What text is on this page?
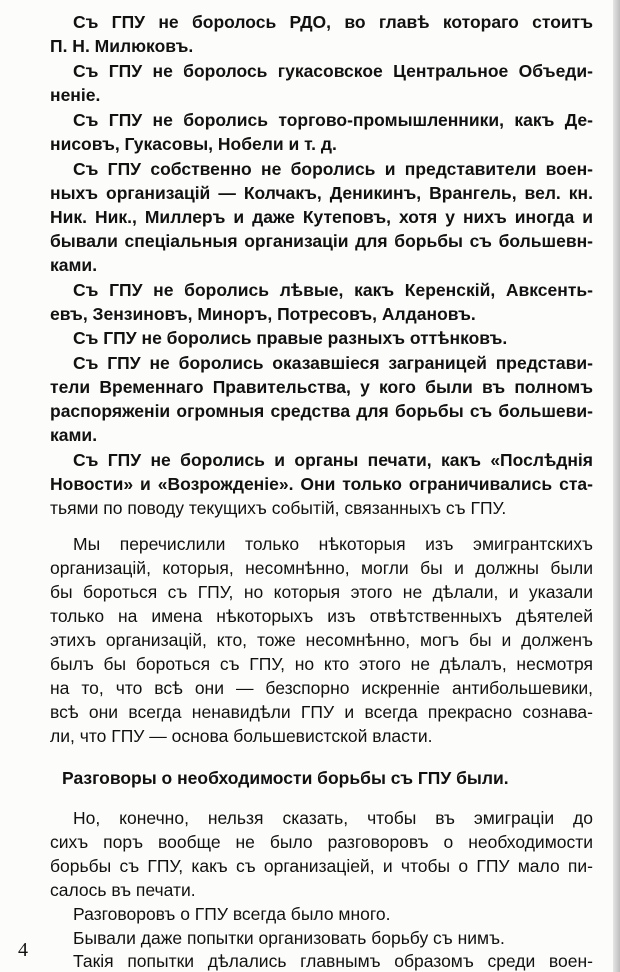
Съ ГПУ не боролось РДО, во главѣ котораго стоитъ
П. Н. Милюковъ.
Съ ГПУ не боролось гукасовское Центральное Объеди-
неніе.
Съ ГПУ не боролись торгово-промышленники, какъ Де-
нисовъ, Гукасовы, Нобели и т. д.
Съ ГПУ собственно не боролись и представители воен-
ныхъ организацій — Колчакъ, Деникинъ, Врангель, вел. кн.
Ник. Ник., Миллеръ и даже Кутеповъ, хотя у нихъ иногда и
бывали спеціальныя организаціи для борьбы съ большевн-
ками.
Съ ГПУ не боролись лѣвые, какъ Керенскій, Авксенть-
евъ, Зензиновъ, Миноръ, Потресовъ, Алдановъ.
Съ ГПУ не боролись правые разныхъ оттѣнковъ.
Съ ГПУ не боролись оказавшіеся заграницей представи-
тели Временнаго Правительства, у кого были въ полномъ
распоряженіи огромныя средства для борьбы съ большеви-
ками.
Съ ГПУ не боролись и органы печати, какъ «Послѣднія
Новости» и «Возрожденіе». Они только ограничивались ста-
тьями по поводу текущихъ событій, связанныхъ съ ГПУ.
Мы перечислили только нѣкоторыя изъ эмигрантскихъ
организацій, которыя, несомнѣнно, могли бы и должны были
бы бороться съ ГПУ, но которыя этого не дѣлали, и указали
только на имена нѣкоторыхъ изъ отвѣтственныхъ дѣятелей
этихъ организацій, кто, тоже несомнѣнно, могъ бы и долженъ
былъ бы бороться съ ГПУ, но кто этого не дѣлалъ, несмотря
на то, что всѣ они — безспорно искренніе антибольшевики,
всѣ они всегда ненавидѣли ГПУ и всегда прекрасно сознава-
ли, что ГПУ — основа большевистской власти.
Разговоры о необходимости борьбы съ ГПУ были.
Но, конечно, нельзя сказать, чтобы въ эмиграціи до
сихъ поръ вообще не было разговоровъ о необходимости
борьбы съ ГПУ, какъ съ организаціей, и чтобы о ГПУ мало пи-
салось въ печати.
Разговоровъ о ГПУ всегда было много.
Бывали даже попытки организовать борьбу съ нимъ.
Такія попытки дѣлались главнымъ образомъ среди воен-
4
